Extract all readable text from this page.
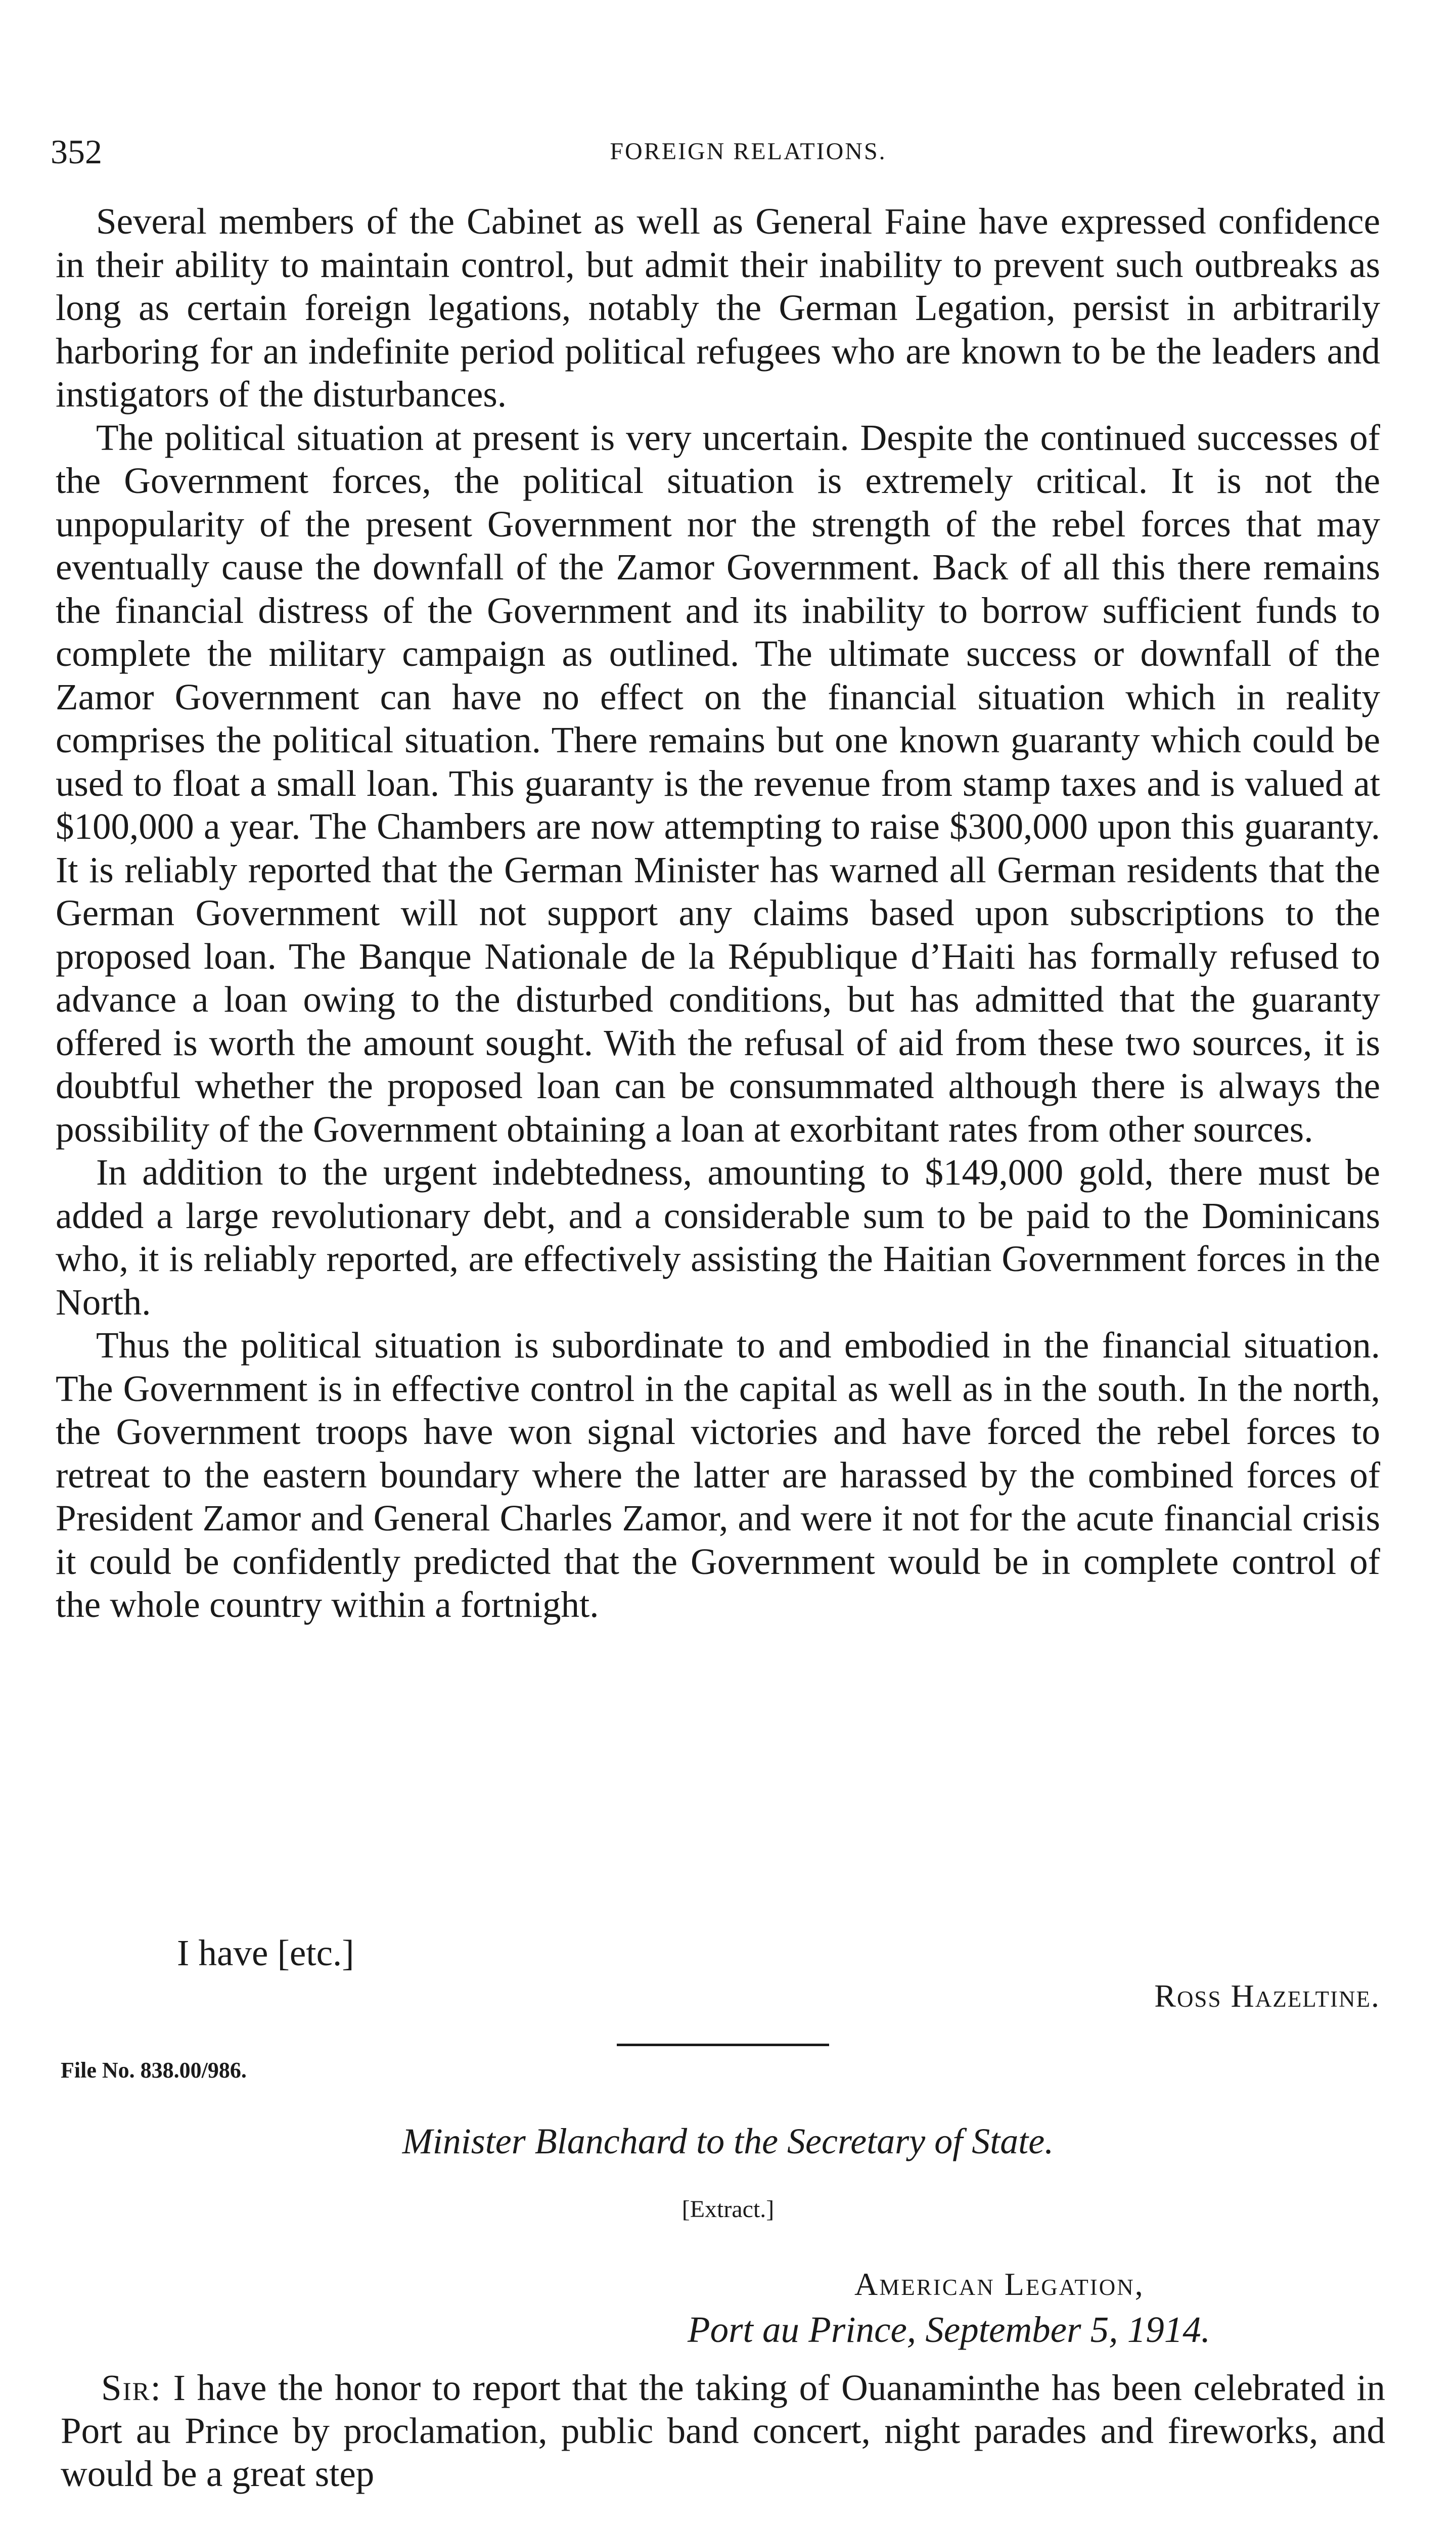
352	FOREIGN RELATIONS.

Several members of the Cabinet as well as General Faine have expressed confidence in their ability to maintain control, but admit their inability to prevent such outbreaks as long as certain foreign legations, notably the German Legation, persist in arbitrarily harboring for an indefinite period political refugees who are known to be the leaders and instigators of the disturbances.

The political situation at present is very uncertain. Despite the continued successes of the Government forces, the political situation is extremely critical. It is not the unpopularity of the present Government nor the strength of the rebel forces that may eventually cause the downfall of the Zamor Government. Back of all this there remains the financial distress of the Government and its inability to borrow sufficient funds to complete the military campaign as outlined. The ultimate success or downfall of the Zamor Government can have no effect on the financial situation which in reality comprises the political situation. There remains but one known guaranty which could be used to float a small loan. This guaranty is the revenue from stamp taxes and is valued at $100,000 a year. The Chambers are now attempting to raise $300,000 upon this guaranty. It is reliably reported that the German Minister has warned all German residents that the German Government will not support any claims based upon subscriptions to the proposed loan. The Banque Nationale de la République d’Haiti has formally refused to advance a loan owing to the disturbed conditions, but has admitted that the guaranty offered is worth the amount sought. With the refusal of aid from these two sources, it is doubtful whether the proposed loan can be consummated although there is always the possibility of the Government obtaining a loan at exorbitant rates from other sources.

In addition to the urgent indebtedness, amounting to $149,000 gold, there must be added a large revolutionary debt, and a considerable sum to be paid to the Dominicans who, it is reliably reported, are effectively assisting the Haitian Government forces in the North.

Thus the political situation is subordinate to and embodied in the financial situation. The Government is in effective control in the capital as well as in the south. In the north, the Government troops have won signal victories and have forced the rebel forces to retreat to the eastern boundary where the latter are harassed by the combined forces of President Zamor and General Charles Zamor, and were it not for the acute financial crisis it could be confidently predicted that the Government would be in complete control of the whole country within a fortnight.

I have [etc.]
Ross Hazeltine.
File No. 838.00/986.
Minister Blanchard to the Secretary of State.
[Extract.]
American Legation,
Port au Prince, September 5, 1914.

Sir: I have the honor to report that the taking of Ouanaminthe has been celebrated in Port au Prince by proclamation, public band concert, night parades and fireworks, and would be a great step
